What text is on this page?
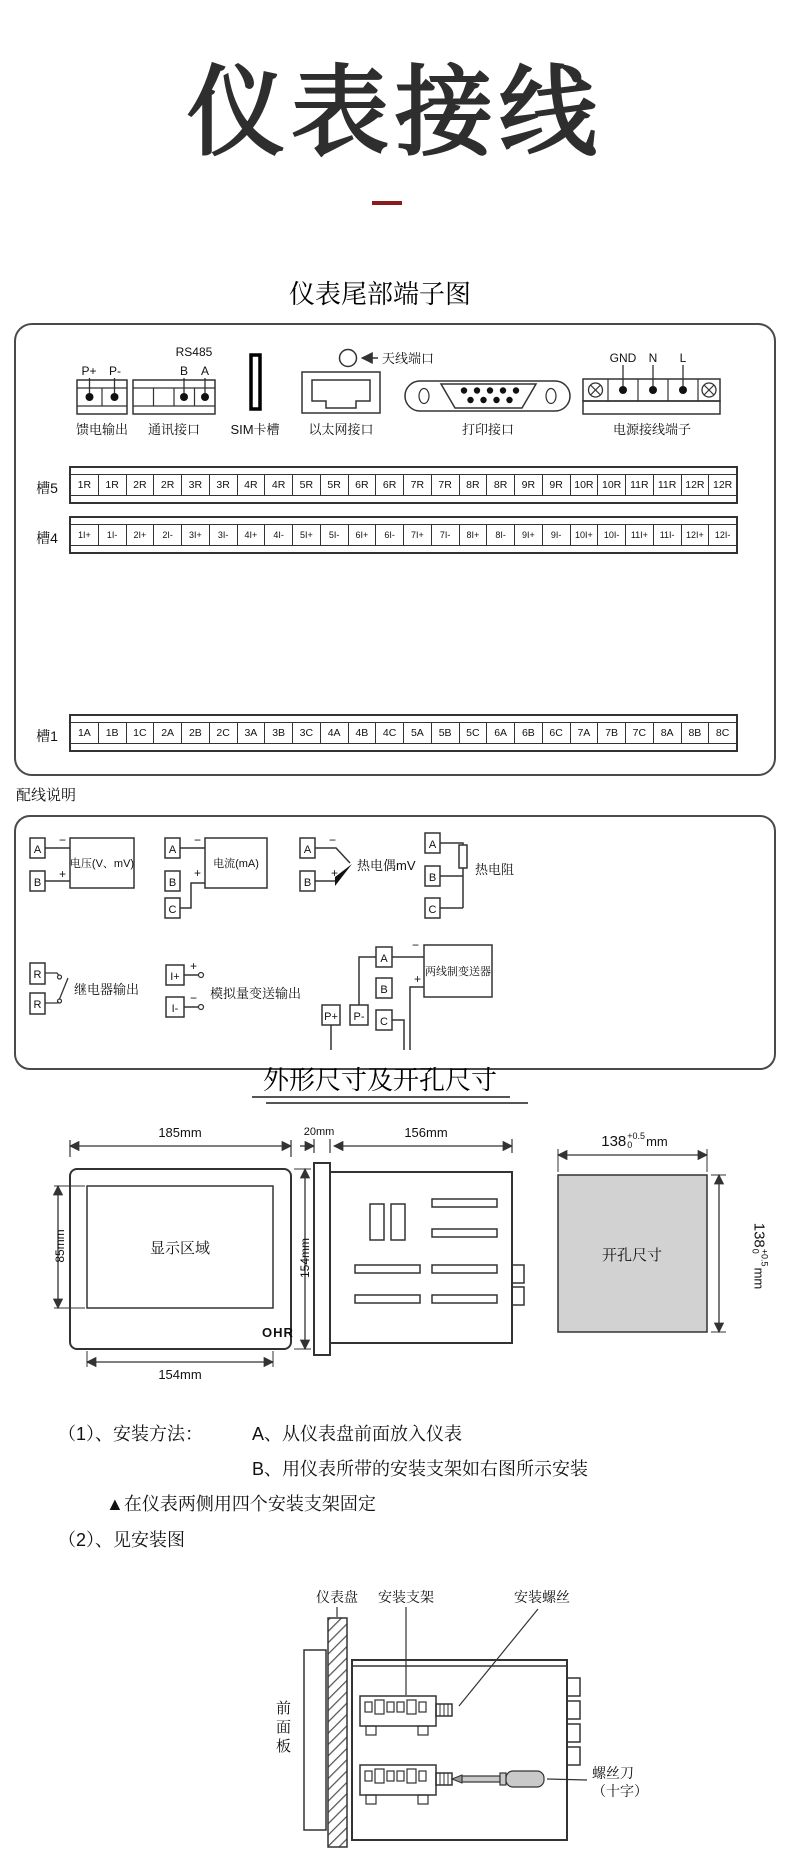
仪表接线
仪表尾部端子图
P+ P-
馈电输出
RS485
B A
通讯接口 SIM卡槽
天线端口
以太网接口	打印接口
GND N L
电源接线端子
槽5	1R	1R	2R	2R	3R	3R	4R	4R	5R	5R	6R	6R	7R	7R	8R	8R	9R	9R	10R 10R 11R 11R 12R 12R
槽4	1I+	1I-	2I+	2I-	3I+	3I-	4I+	4I-	5I+	5I-	6I+	6I-	7I+	7I-	8I+	8I-	9I+	9I-	10I+	10I-	11I+	11I-	12I+	12I-
槽1	1A	1B	1C	2A	2B	2C	3A	3B	3C	4A	4B	4C	5A	5B	5C	6A	6B	6C	7A	7B	7C	8A	8B	8C
配线说明
A
B
−
+
电压(V、mV)
A
B
C
−
+
电流(mA)
A
B
−
+ 热电偶mV
A
B
C
热电阻
R
R
继电器输出
I+
I-
+
− 模拟量变送输出
P+ P-
A
B
C
−
+ 两线制变送器
外形尺寸及开孔尺寸
185mm
显示区域
OHR
154mm
20mm	156mm
开孔尺寸
85mm	154mm
138 +0.5
0	mm
138
+0.5
0
mm
（1）、安装方法：	A、从仪表盘前面放入仪表
B、用仪表所带的安装支架如右图所示安装
▲在仪表两侧用四个安装支架固定
（2）、见安装图
仪表盘 安装支架	安装螺丝
螺丝刀
（十字）
前面板
